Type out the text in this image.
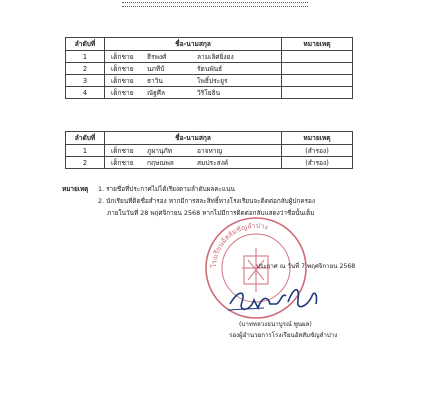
ลำดับที่	ชื่อ-นามสกุล	หมายเหตุ
1	เด็กชาย ธีรพงศ์ ลามเลิศยิ่งยง	

2	เด็กชาย นภทีป์ รัตนพันธ์	

3	เด็กชาย ธาวิน โพธิ์ประยูร	

4	เด็กชาย ณัฐศีล วิริโยธิน	

ลำดับที่	ชื่อ-นามสกุล	หมายเหตุ
1	เด็กชาย ภูผานุภัท อาจหาญ	(สำรอง)
2	เด็กชาย กฤษณพล สมประสงค์	(สำรอง)
หมายเหตุ	1. รายชื่อที่ประกาศไม่ได้เรียงตามลำดับผลคะแนน
2. นักเรียนที่ติดชื่อสำรอง หากมีการสละสิทธิ์ทางโรงเรียนจะติดต่อกลับผู้ปกครอง
ภายในวันที่ 28 พฤศจิกายน 2568 หากไม่มีการติดต่อกลับแสดงว่าชื่อนั้นเต็ม
โรงเรียนอัสสัมชัญลำปาง
ประกาศ ณ วันที่ 7 พฤศจิกายน 2568
(บาทหลวงธนาบูรณ์ พูนผล)
รองผู้อำนวยการโรงเรียนอัสสัมชัญลำปาง
